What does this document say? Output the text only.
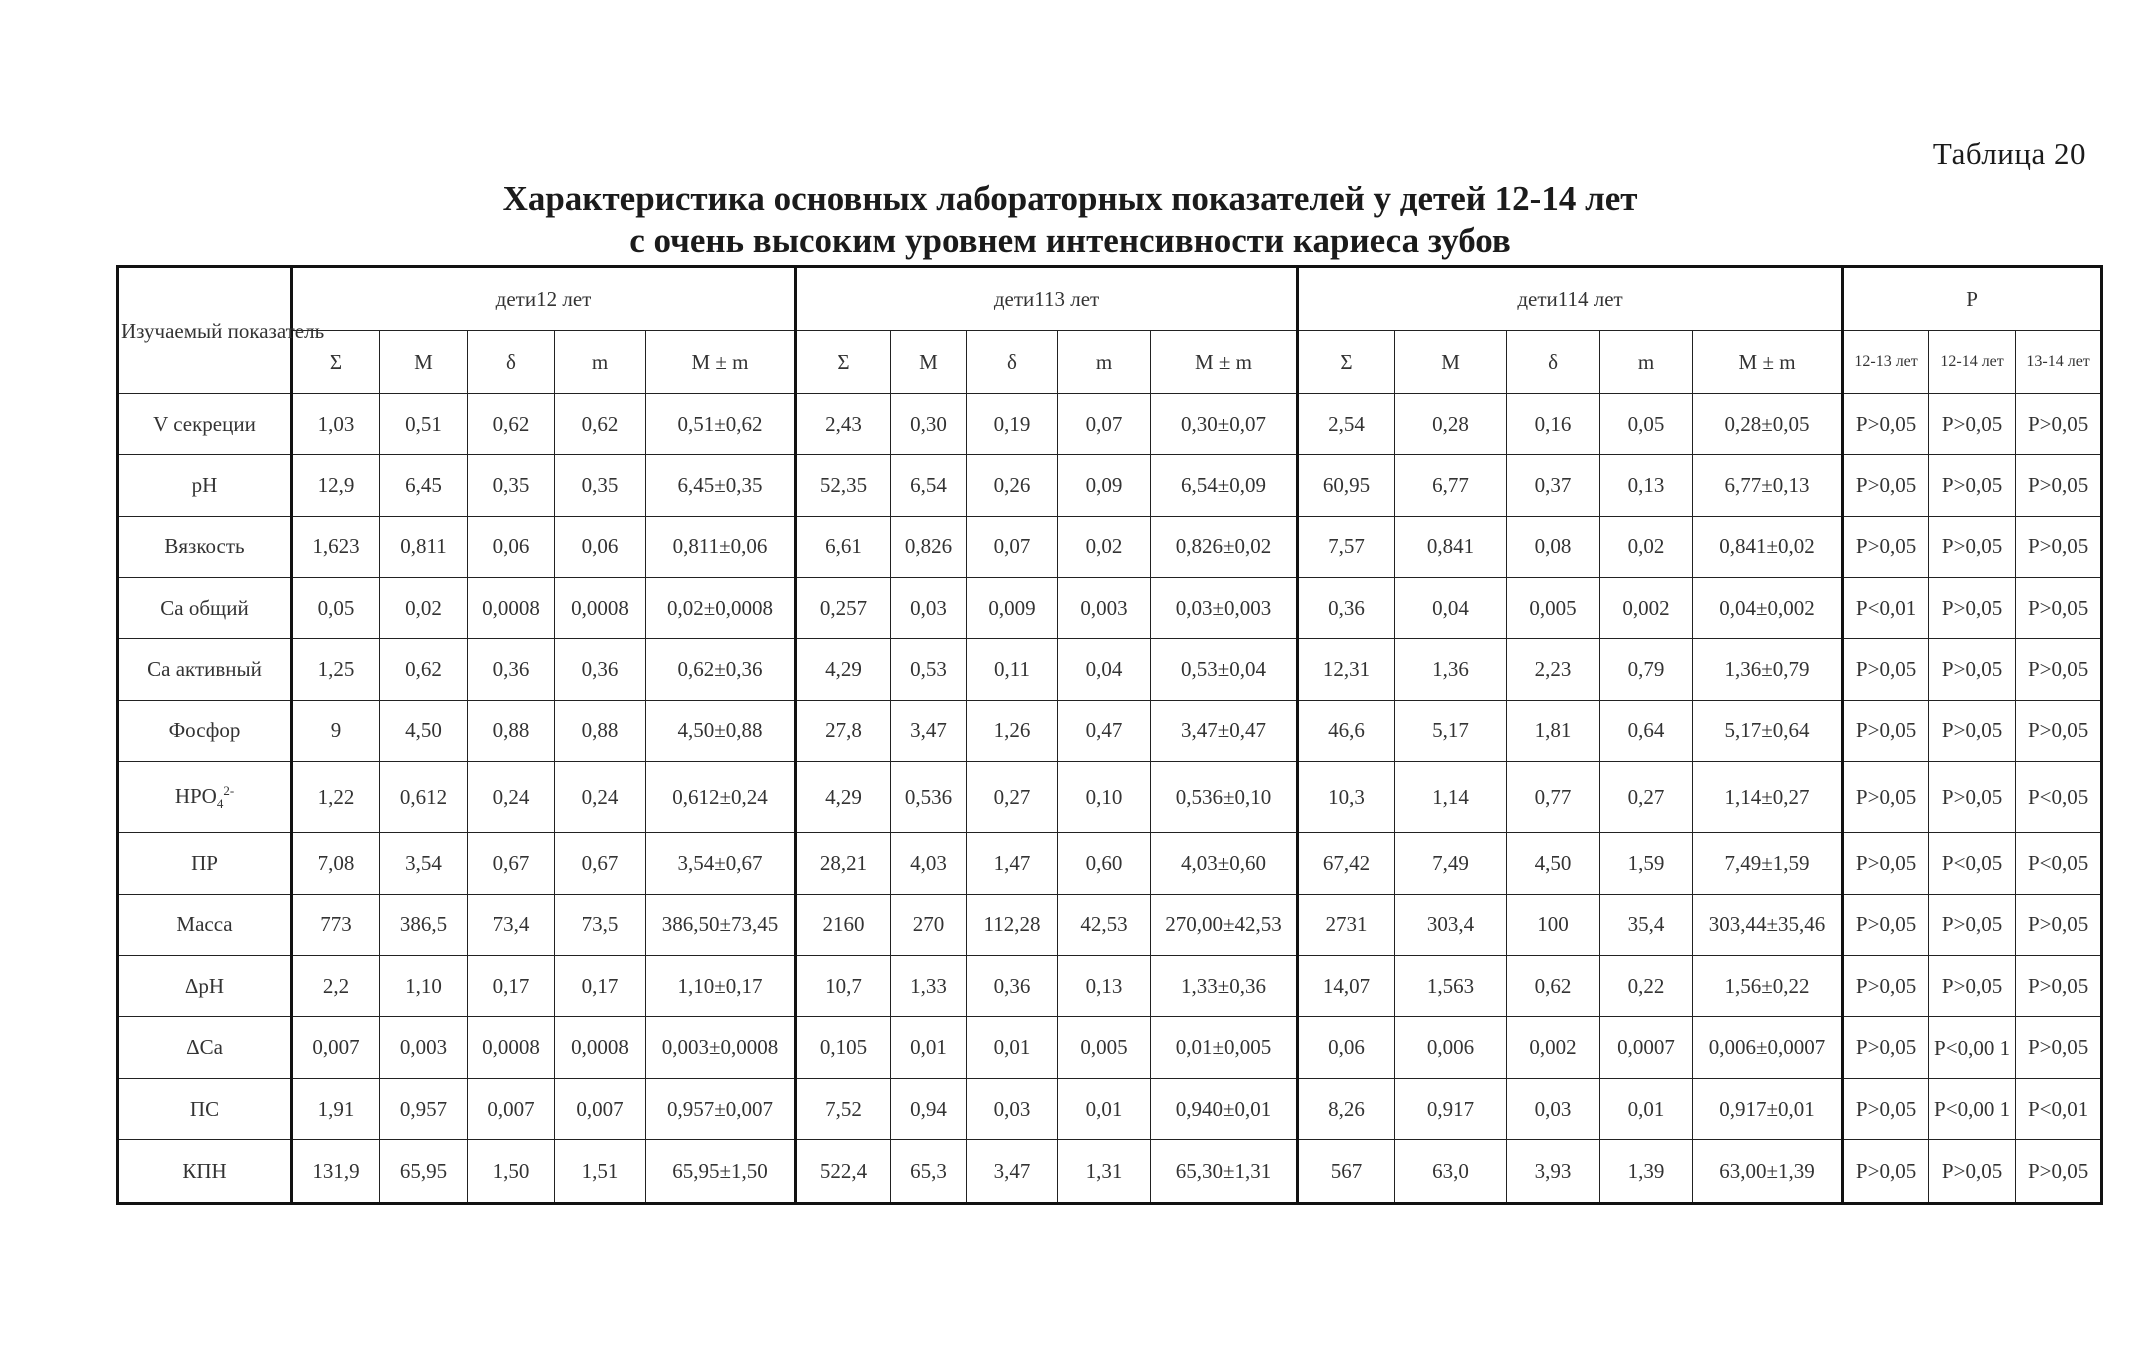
Таблица 20
Характеристика основных лабораторных показателей у детей 12-14 лет
с очень высоким уровнем интенсивности кариеса зубов
Изучаемый показатель	дети12 лет					дети113 лет					дети114 лет					P		
	Σ	M	δ	m	M ± m	Σ	M	δ	m	M ± m	Σ	M	δ	m	M ± m	12-13 лет	12-14 лет	13-14 лет
V секреции	1,03	0,51	0,62	0,62	0,51±0,62	2,43	0,30	0,19	0,07	0,30±0,07	2,54	0,28	0,16	0,05	0,28±0,05	P>0,05	P>0,05	P>0,05
pH	12,9	6,45	0,35	0,35	6,45±0,35	52,35	6,54	0,26	0,09	6,54±0,09	60,95	6,77	0,37	0,13	6,77±0,13	P>0,05	P>0,05	P>0,05
Вязкость	1,623	0,811	0,06	0,06	0,811±0,06	6,61	0,826	0,07	0,02	0,826±0,02	7,57	0,841	0,08	0,02	0,841±0,02	P>0,05	P>0,05	P>0,05
Са общий	0,05	0,02	0,0008	0,0008	0,02±0,0008	0,257	0,03	0,009	0,003	0,03±0,003	0,36	0,04	0,005	0,002	0,04±0,002	P<0,01	P>0,05	P>0,05
Са активный	1,25	0,62	0,36	0,36	0,62±0,36	4,29	0,53	0,11	0,04	0,53±0,04	12,31	1,36	2,23	0,79	1,36±0,79	P>0,05	P>0,05	P>0,05
Фосфор	9	4,50	0,88	0,88	4,50±0,88	27,8	3,47	1,26	0,47	3,47±0,47	46,6	5,17	1,81	0,64	5,17±0,64	P>0,05	P>0,05	P>0,05
$HPO_4^{2-}$	1,22	0,612	0,24	0,24	0,612±0,24	4,29	0,536	0,27	0,10	0,536±0,10	10,3	1,14	0,77	0,27	1,14±0,27	P>0,05	P>0,05	P<0,05
ПР	7,08	3,54	0,67	0,67	3,54±0,67	28,21	4,03	1,47	0,60	4,03±0,60	67,42	7,49	4,50	1,59	7,49±1,59	P>0,05	P<0,05	P<0,05
Масса	773	386,5	73,4	73,5	386,50±73,45	2160	270	112,28	42,53	270,00±42,53	2731	303,4	100	35,4	303,44±35,46	P>0,05	P>0,05	P>0,05
ΔpH	2,2	1,10	0,17	0,17	1,10±0,17	10,7	1,33	0,36	0,13	1,33±0,36	14,07	1,563	0,62	0,22	1,56±0,22	P>0,05	P>0,05	P>0,05
ΔCa	0,007	0,003	0,0008	0,0008	0,003±0,0008	0,105	0,01	0,01	0,005	0,01±0,005	0,06	0,006	0,002	0,0007	0,006±0,0007	P>0,05	P<0,00 1	P>0,05
ПС	1,91	0,957	0,007	0,007	0,957±0,007	7,52	0,94	0,03	0,01	0,940±0,01	8,26	0,917	0,03	0,01	0,917±0,01	P>0,05	P<0,00 1	P<0,01
КПН	131,9	65,95	1,50	1,51	65,95±1,50	522,4	65,3	3,47	1,31	65,30±1,31	567	63,0	3,93	1,39	63,00±1,39	P>0,05	P>0,05	P>0,05
